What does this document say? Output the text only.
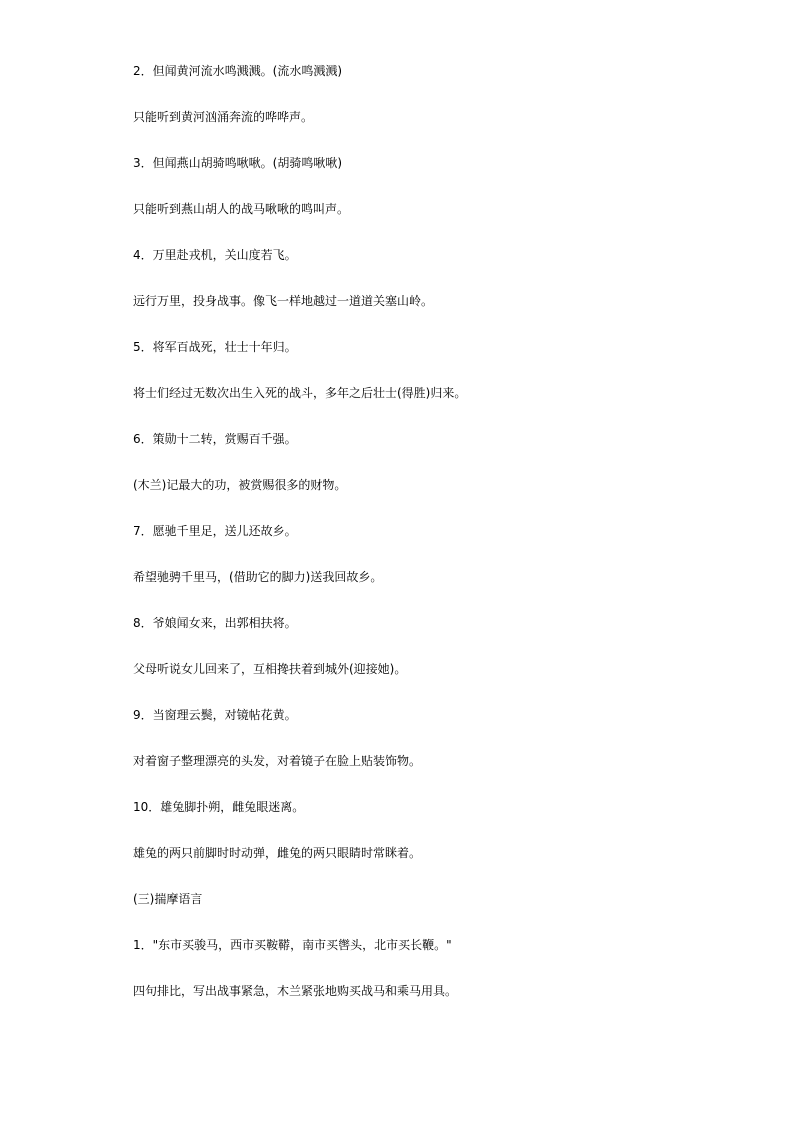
2．但闻黄河流水鸣溅溅。(流水鸣溅溅)

只能听到黄河汹涌奔流的哗哗声。

3．但闻燕山胡骑鸣啾啾。(胡骑鸣啾啾)

只能听到燕山胡人的战马啾啾的鸣叫声。

4．万里赴戎机，关山度若飞。

远行万里，投身战事。像飞一样地越过一道道关塞山岭。

5．将军百战死，壮士十年归。

将士们经过无数次出生入死的战斗，多年之后壮士(得胜)归来。

6．策勋十二转，赏赐百千强。

(木兰)记最大的功，被赏赐很多的财物。

7．愿驰千里足，送儿还故乡。

希望驰骋千里马，(借助它的脚力)送我回故乡。

8．爷娘闻女来，出郭相扶将。

父母听说女儿回来了，互相搀扶着到城外(迎接她)。

9．当窗理云鬓，对镜帖花黄。

对着窗子整理漂亮的头发，对着镜子在脸上贴装饰物。

10．雄兔脚扑朔，雌兔眼迷离。

雄兔的两只前脚时时动弹，雌兔的两只眼睛时常眯着。

(三)揣摩语言

1．"东市买骏马，西市买鞍鞯，南市买辔头，北市买长鞭。"

四句排比，写出战事紧急，木兰紧张地购买战马和乘马用具。
